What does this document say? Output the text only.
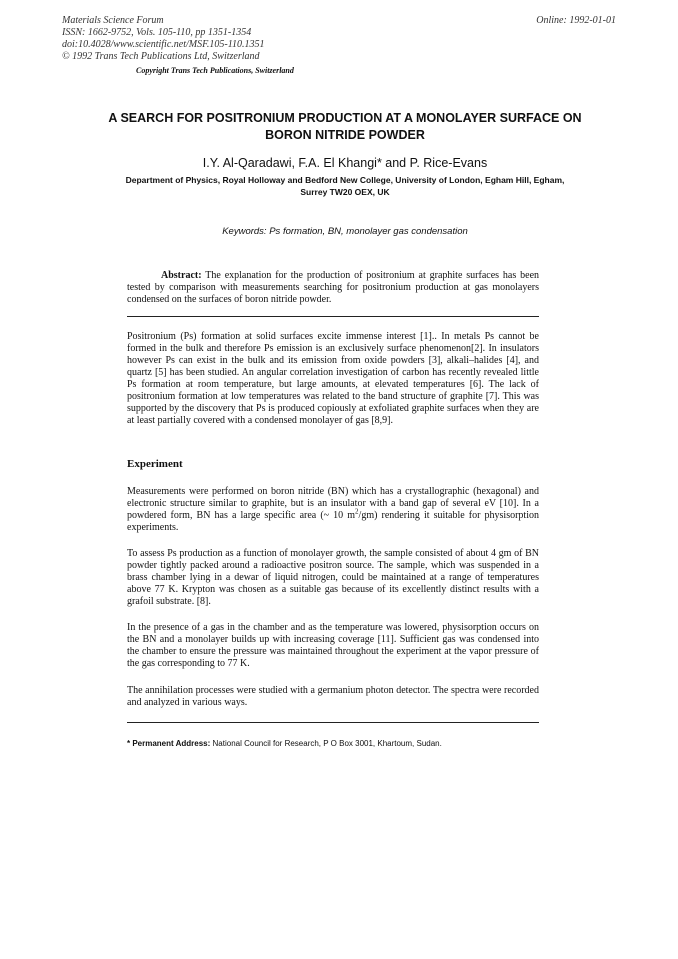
Materials Science Forum
ISSN: 1662-9752, Vols. 105-110, pp 1351-1354
doi:10.4028/www.scientific.net/MSF.105-110.1351
© 1992 Trans Tech Publications Ltd, Switzerland
Online: 1992-01-01
Copyright Trans Tech Publications, Switzerland
A SEARCH FOR POSITRONIUM PRODUCTION AT A MONOLAYER SURFACE ON BORON NITRIDE POWDER
I.Y. Al-Qaradawi, F.A. El Khangi* and P. Rice-Evans
Department of Physics, Royal Holloway and Bedford New College, University of London, Egham Hill, Egham, Surrey TW20 OEX, UK
Keywords: Ps formation, BN, monolayer gas condensation
Abstract: The explanation for the production of positronium at graphite surfaces has been tested by comparison with measurements searching for positronium production at gas monolayers condensed on the surfaces of boron nitride powder.
Positronium (Ps) formation at solid surfaces excite immense interest [1].. In metals Ps cannot be formed in the bulk and therefore Ps emission is an exclusively surface phenomenon[2]. In insulators however Ps can exist in the bulk and its emission from oxide powders [3], alkali–halides [4], and quartz [5] has been studied. An angular correlation investigation of carbon has recently revealed little Ps formation at room temperature, but large amounts, at elevated temperatures [6]. The lack of positronium formation at low temperatures was related to the band structure of graphite [7]. This was supported by the discovery that Ps is produced copiously at exfoliated graphite surfaces when they are at least partially covered with a condensed monolayer of gas [8,9].
Experiment
Measurements were performed on boron nitride (BN) which has a crystallographic (hexagonal) and electronic structure similar to graphite, but is an insulator with a band gap of several eV [10]. In a powdered form, BN has a large specific area (~ 10 $m^2/gm$) rendering it suitable for physisorption experiments.
To assess Ps production as a function of monolayer growth, the sample consisted of about 4 gm of BN powder tightly packed around a radioactive positron source. The sample, which was suspended in a brass chamber lying in a dewar of liquid nitrogen, could be maintained at a range of temperatures above 77 K. Krypton was chosen as a suitable gas because of its excellently distinct results with a grafoil substrate. [8].
In the presence of a gas in the chamber and as the temperature was lowered, physisorption occurs on the BN and a monolayer builds up with increasing coverage [11]. Sufficient gas was condensed into the chamber to ensure the pressure was maintained throughout the experiment at the vapor pressure of the gas corresponding to 77 K.
The annihilation processes were studied with a germanium photon detector. The spectra were recorded and analyzed in various ways.
* Permanent Address: National Council for Research, P O Box 3001, Khartoum, Sudan.
